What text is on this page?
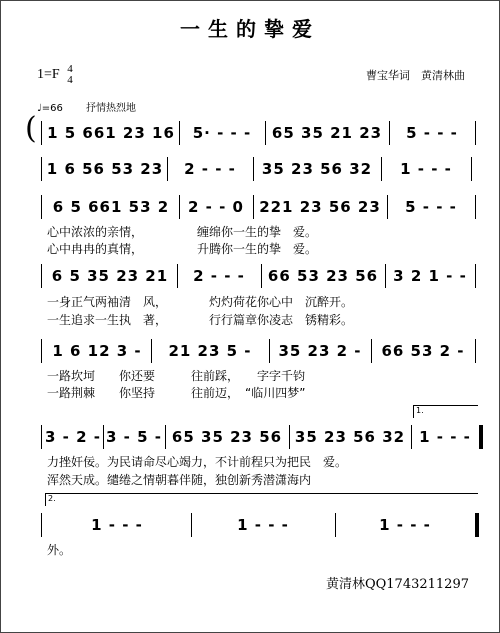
一生的挚爱
1=F 4
4	曹宝华词　黄清林曲
♩=66 抒情热烈地
( 1 5 661 23 16 5· - - - 65 35 21 23 5 - - -
1 6 56 53 23 2 - - - 35 23 56 32 1 - - -
6 5 661 53 2 2 - - 0 221 23 56 23 5 - - -
6 5 35 23 21 2 - - - 66 53 23 56 3 2 1 - -
1 6 12 3 - 21 23 5 - 35 23 2 - 66 53 2 -
3 - 2 - 3 - 5 - 65 35 23 56 35 23 56 32 1 - - -
1 - - -	1 - - -	1 - - -
心中浓浓的亲情，　　　　　缠绵你一生的挚　爱。
心中冉冉的真情，　　　　　升腾你一生的挚　爱。
一身正气两袖清　风，　　　　灼灼荷花你心中　沉醉开。
一生追求一生执　著，　　　　行行篇章你凌志　锈精彩。
一路坎坷　　你还要　　　往前踩，　　字字千钧
一路荆棘　　你坚持　　　往前迈，　“临川四梦”
力挫奸佞。为民请命尽心竭力，不计前程只为把民　爱。
浑然天成。缱绻之情朝暮伴随，独创新秀潜潇海内
外。
1.
2.
黄清林QQ1743211297
